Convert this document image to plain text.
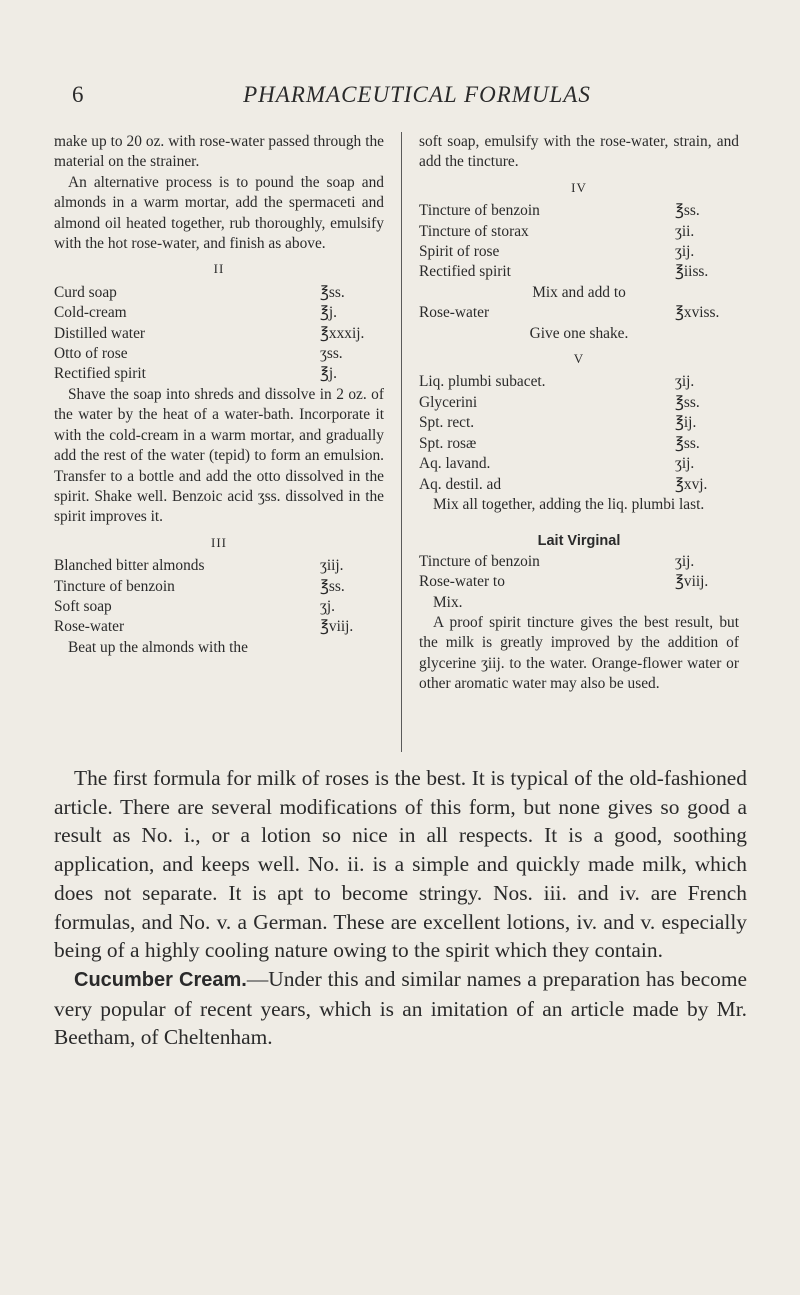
6	PHARMACEUTICAL FORMULAS

make up to 20 oz. with rose-water passed through the material on the strainer.

An alternative process is to pound the soap and almonds in a warm mortar, add the spermaceti and almond oil heated together, rub thoroughly, emulsify with the hot rose-water, and finish as above.

II
Curd soap	℥ss.
Cold-cream	℥j.
Distilled water	℥xxxij.
Otto of rose	ʒss.
Rectified spirit	℥j.

Shave the soap into shreds and dissolve in 2 oz. of the water by the heat of a water-bath. Incorporate it with the cold-cream in a warm mortar, and gradually add the rest of the water (tepid) to form an emulsion. Transfer to a bottle and add the otto dissolved in the spirit. Shake well. Benzoic acid ʒss. dissolved in the spirit improves it.

III
Blanched bitter almonds	ʒiij.
Tincture of benzoin	℥ss.
Soft soap	ʒj.
Rose-water	℥viij.

Beat up the almonds with the

soft soap, emulsify with the rose-water, strain, and add the tincture.

IV
Tincture of benzoin	℥ss.
Tincture of storax	ʒii.
Spirit of rose	ʒij.
Rectified spirit	℥iiss.
Mix and add to
Rose-water	℥xviss.
Give one shake.
V
Liq. plumbi subacet.	ʒij.
Glycerini	℥ss.
Spt. rect.	℥ij.
Spt. rosæ	℥ss.
Aq. lavand.	ʒij.
Aq. destil. ad	℥xvj.

Mix all together, adding the liq. plumbi last.

Lait Virginal
Tincture of benzoin	ʒij.
Rose-water to	℥viij.
Mix.

A proof spirit tincture gives the best result, but the milk is greatly improved by the addition of glycerine ʒiij. to the water. Orange-flower water or other aromatic water may also be used.

The first formula for milk of roses is the best. It is typical of the old-fashioned article. There are several modifications of this form, but none gives so good a result as No. i., or a lotion so nice in all respects. It is a good, soothing application, and keeps well. No. ii. is a simple and quickly made milk, which does not separate. It is apt to become stringy. Nos. iii. and iv. are French formulas, and No. v. a German. These are excellent lotions, iv. and v. especially being of a highly cooling nature owing to the spirit which they contain.

Cucumber Cream.—Under this and similar names a preparation has become very popular of recent years, which is an imitation of an article made by Mr. Beetham, of Cheltenham.
